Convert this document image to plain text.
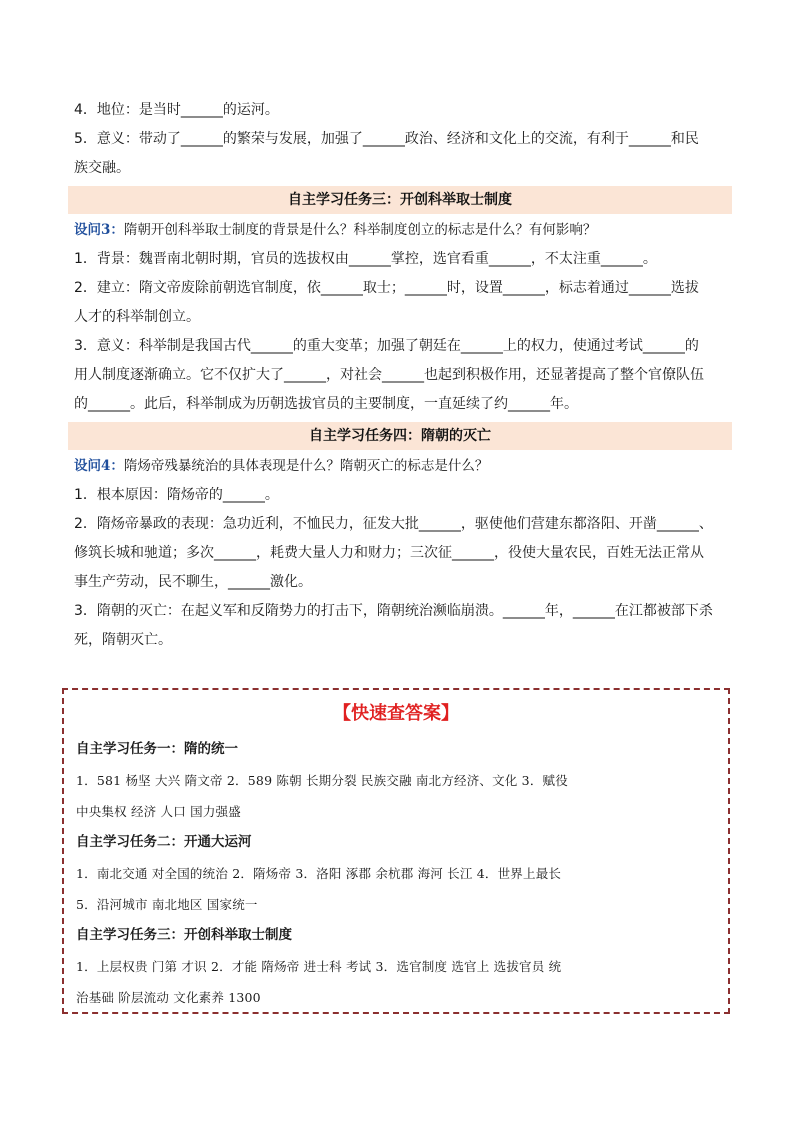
4．地位：是当时______的运河。
5．意义：带动了______的繁荣与发展，加强了______政治、经济和文化上的交流，有利于______和民
族交融。
自主学习任务三：开创科举取士制度
设问3：隋朝开创科举取士制度的背景是什么？科举制度创立的标志是什么？有何影响？
1．背景：魏晋南北朝时期，官员的选拔权由______掌控，选官看重______，不太注重______。
2．建立：隋文帝废除前朝选官制度，依______取士；______时，设置______，标志着通过______选拔
人才的科举制创立。
3．意义：科举制是我国古代______的重大变革；加强了朝廷在______上的权力，使通过考试______的
用人制度逐渐确立。它不仅扩大了______，对社会______也起到积极作用，还显著提高了整个官僚队伍
的______。此后，科举制成为历朝选拔官员的主要制度，一直延续了约______年。
自主学习任务四：隋朝的灭亡
设问4：隋炀帝残暴统治的具体表现是什么？隋朝灭亡的标志是什么？
1．根本原因：隋炀帝的______。
2．隋炀帝暴政的表现：急功近利，不恤民力，征发大批______，驱使他们营建东都洛阳、开凿______、
修筑长城和驰道；多次______，耗费大量人力和财力；三次征______，役使大量农民，百姓无法正常从
事生产劳动，民不聊生，______激化。
3．隋朝的灭亡：在起义军和反隋势力的打击下，隋朝统治濒临崩溃。______年，______在江都被部下杀
死，隋朝灭亡。
【快速查答案】
自主学习任务一：隋的统一
1．581 杨坚 大兴 隋文帝 2．589 陈朝 长期分裂 民族交融 南北方经济、文化 3．赋役
中央集权 经济 人口 国力强盛
自主学习任务二：开通大运河
1．南北交通 对全国的统治 2．隋炀帝 3．洛阳 涿郡 余杭郡 海河 长江 4．世界上最长
5．沿河城市 南北地区 国家统一
自主学习任务三：开创科举取士制度
1．上层权贵 门第 才识 2．才能 隋炀帝 进士科 考试 3．选官制度 选官上 选拔官员 统
治基础 阶层流动 文化素养 1300
